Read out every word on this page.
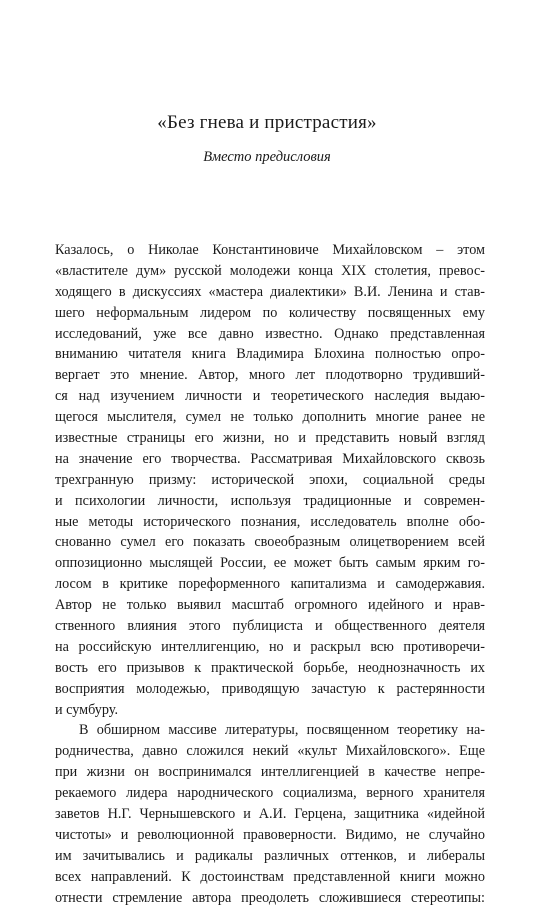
«Без гнева и пристрастия»
Вместо предисловия
Казалось, о Николае Константиновиче Михайловском – этом
«властителе дум» русской молодежи конца XIX столетия, превос-
ходящего в дискуссиях «мастера диалектики» В.И. Ленина и став-
шего неформальным лидером по количеству посвященных ему
исследований, уже все давно известно. Однако представленная
вниманию читателя книга Владимира Блохина полностью опро-
вергает это мнение. Автор, много лет плодотворно трудивший-
ся над изучением личности и теоретического наследия выдаю-
щегося мыслителя, сумел не только дополнить многие ранее не
известные страницы его жизни, но и представить новый взгляд
на значение его творчества. Рассматривая Михайловского сквозь
трехгранную призму: исторической эпохи, социальной среды
и психологии личности, используя традиционные и современ-
ные методы исторического познания, исследователь вполне обо-
снованно сумел его показать своеобразным олицетворением всей
оппозиционно мыслящей России, ее может быть самым ярким го-
лосом в критике пореформенного капитализма и самодержавия.
Автор не только выявил масштаб огромного идейного и нрав-
ственного влияния этого публициста и общественного деятеля
на российскую интеллигенцию, но и раскрыл всю противоречи-
вость его призывов к практической борьбе, неоднозначность их
восприятия молодежью, приводящую зачастую к растерянности
и сумбуру.
В обширном массиве литературы, посвященном теоретику на-
родничества, давно сложился некий «культ Михайловского». Еще
при жизни он воспринимался интеллигенцией в качестве непре-
рекаемого лидера народнического социализма, верного хранителя
заветов Н.Г. Чернышевского и А.И. Герцена, защитника «идейной
чистоты» и революционной правоверности. Видимо, не случайно
им зачитывались и радикалы различных оттенков, и либералы
всех направлений. К достоинствам представленной книги можно
отнести стремление автора преодолеть сложившиеся стереотипы:
